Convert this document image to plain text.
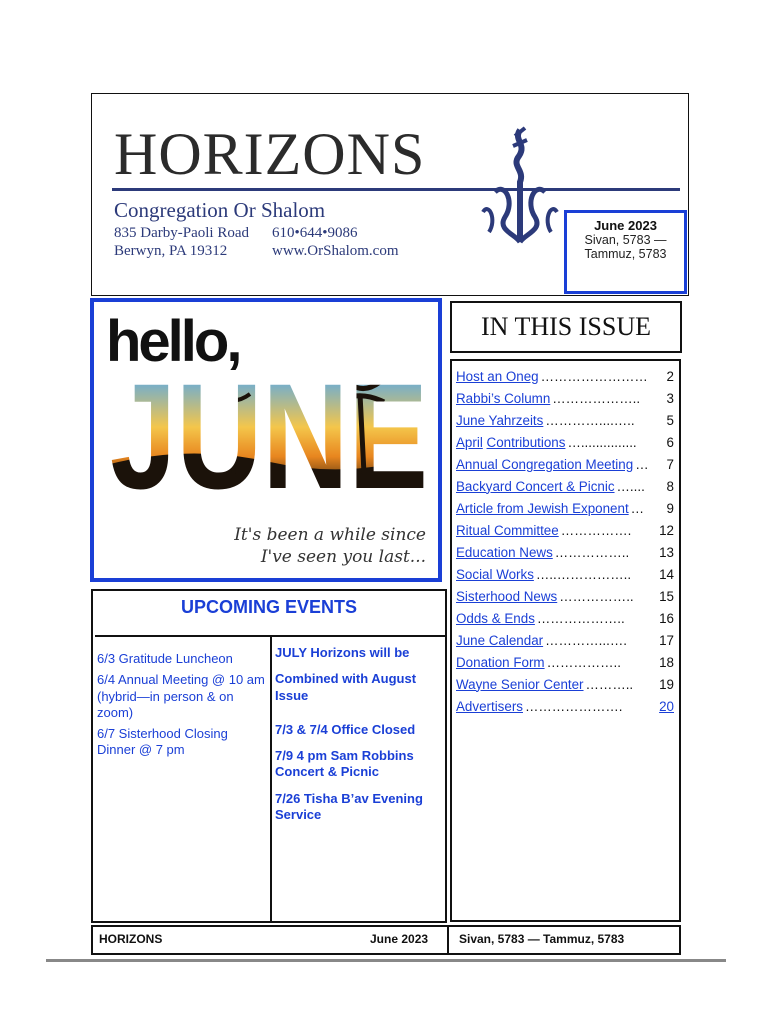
HORIZONS
Congregation Or Shalom
835 Darby-Paoli Road
Berwyn, PA 19312
610•644•9086
www.OrShalom.com
June 2023
Sivan, 5783 —
Tammuz, 5783
hello,
It's been a while since
I've seen you last...
UPCOMING EVENTS

6/3 Gratitude Luncheon

6/4 Annual Meeting @ 10 am (hybrid—in person & on zoom)

6/7 Sisterhood Closing Dinner @ 7 pm

JULY Horizons will be

Combined with August Issue

7/3 & 7/4 Office Closed

7/9 4 pm Sam Robbins Concert & Picnic

7/26 Tisha B’av Evening Service

IN THIS ISSUE
Host an Oneg ……………………	2
Rabbi’s Column ………………..	3
June Yahrzeits …………....…..	5
April
Contributions …...............	6
Annual Congregation Meeting …	7
Backyard Concert & Picnic …....	8
Article from Jewish Exponent …	9
Ritual Committee …………….	12
Education News ……………..	13
Social Works …..……………..	14
Sisterhood News ……………..	15
Odds & Ends ………………..	16
June Calendar …………...….	17
Donation Form ……………..	18
Wayne Senior Center ………..	19
Advertisers ………………….	20
HORIZONS	June 2023	Sivan, 5783 — Tammuz, 5783
